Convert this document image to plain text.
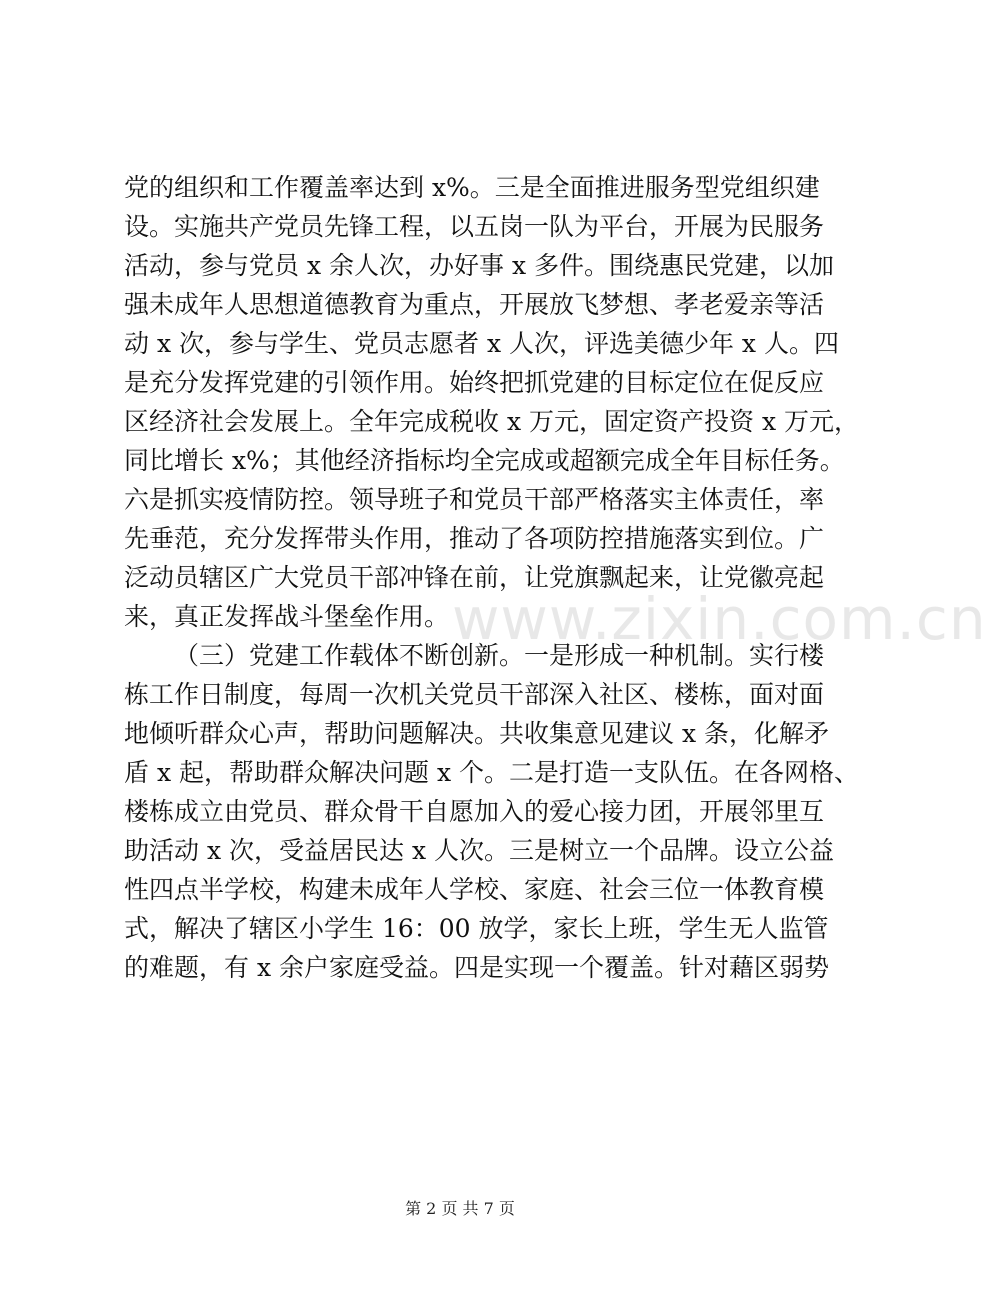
党的组织和工作覆盖率达到 x%。三是全面推进服务型党组织建
设。实施共产党员先锋工程，以五岗一队为平台，开展为民服务
活动，参与党员 x 余人次，办好事 x 多件。围绕惠民党建，以加
强未成年人思想道德教育为重点，开展放飞梦想、孝老爱亲等活
动 x 次，参与学生、党员志愿者 x 人次，评选美德少年 x 人。四
是充分发挥党建的引领作用。始终把抓党建的目标定位在促反应
区经济社会发展上。全年完成税收 x 万元，固定资产投资 x 万元，
同比增长 x%；其他经济指标均全完成或超额完成全年目标任务。
六是抓实疫情防控。领导班子和党员干部严格落实主体责任，率
先垂范，充分发挥带头作用，推动了各项防控措施落实到位。广
泛动员辖区广大党员干部冲锋在前，让党旗飘起来，让党徽亮起
来，真正发挥战斗堡垒作用。
（三）党建工作载体不断创新。一是形成一种机制。实行楼
栋工作日制度，每周一次机关党员干部深入社区、楼栋，面对面
地倾听群众心声，帮助问题解决。共收集意见建议 x 条，化解矛
盾 x 起，帮助群众解决问题 x 个。二是打造一支队伍。在各网格、
楼栋成立由党员、群众骨干自愿加入的爱心接力团，开展邻里互
助活动 x 次，受益居民达 x 人次。三是树立一个品牌。设立公益
性四点半学校，构建未成年人学校、家庭、社会三位一体教育模
式，解决了辖区小学生 16：00 放学，家长上班，学生无人监管
的难题，有 x 余户家庭受益。四是实现一个覆盖。针对藉区弱势
www.zixin.com.cn
第 2 页 共 7 页
